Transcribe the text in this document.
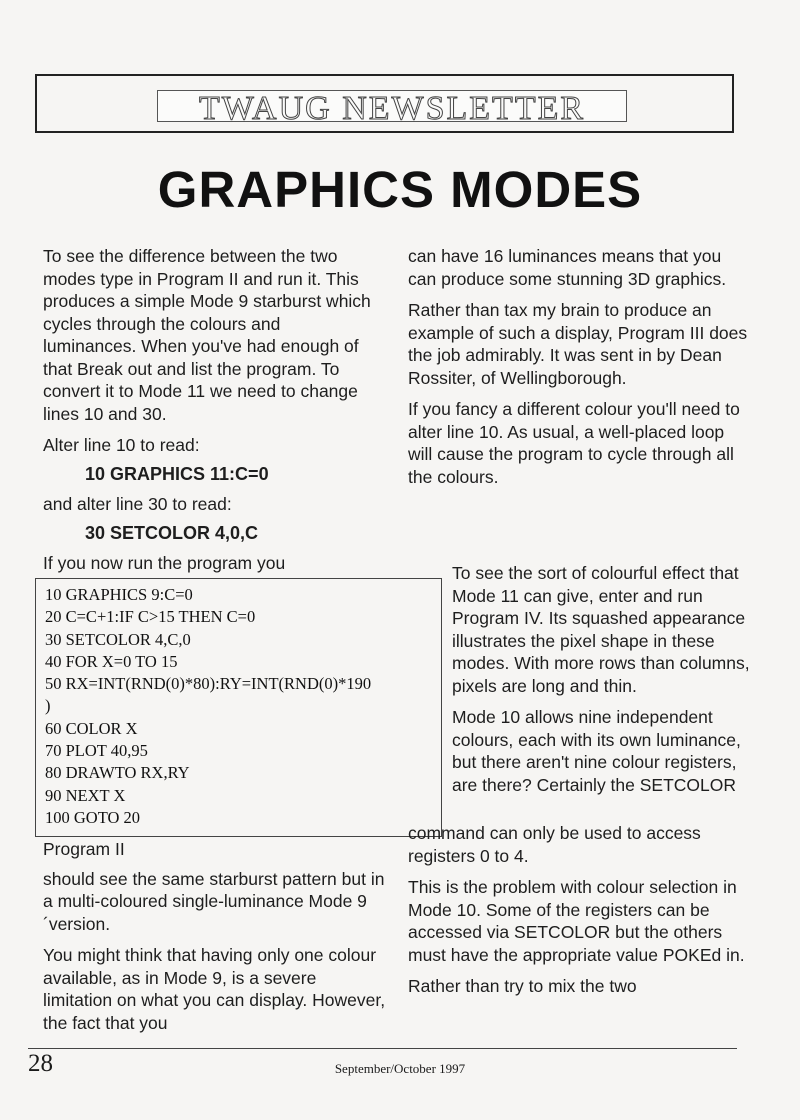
TWAUG NEWSLETTER
GRAPHICS MODES

To see the difference between the two modes type in Program II and run it. This produces a simple Mode 9 starburst which cycles through the colours and luminances. When you've had enough of that Break out and list the program. To convert it to Mode 11 we need to change lines 10 and 30.

Alter line 10 to read:

10 GRAPHICS 11:C=0

and alter line 30 to read:

30 SETCOLOR 4,0,C

If you now run the program you

10 GRAPHICS 9:C=0
20 C=C+1:IF C>15 THEN C=0
30 SETCOLOR 4,C,0
40 FOR X=0 TO 15
50 RX=INT(RND(0)*80):RY=INT(RND(0)*190
)
60 COLOR X
70 PLOT 40,95
80 DRAWTO RX,RY
90 NEXT X
100 GOTO 20

Program II

should see the same starburst pattern but in a multi-coloured single-luminance Mode 9´version.

You might think that having only one colour available, as in Mode 9, is a severe limitation on what you can display. However, the fact that you

can have 16 luminances means that you can produce some stunning 3D graphics.

Rather than tax my brain to produce an example of such a display, Program III does the job admirably. It was sent in by Dean Rossiter, of Wellingborough.

If you fancy a different colour you'll need to alter line 10. As usual, a well-placed loop will cause the program to cycle through all the colours.

To see the sort of colourful effect that Mode 11 can give, enter and run Program IV. Its squashed appearance illustrates the pixel shape in these modes. With more rows than columns, pixels are long and thin.

Mode 10 allows nine independent colours, each with its own luminance, but there aren't nine colour registers, are there? Certainly the SETCOLOR

command can only be used to access registers 0 to 4.

This is the problem with colour selection in Mode 10. Some of the registers can be accessed via SETCOLOR but the others must have the appropriate value POKEd in.

Rather than try to mix the two

28	September/October 1997
